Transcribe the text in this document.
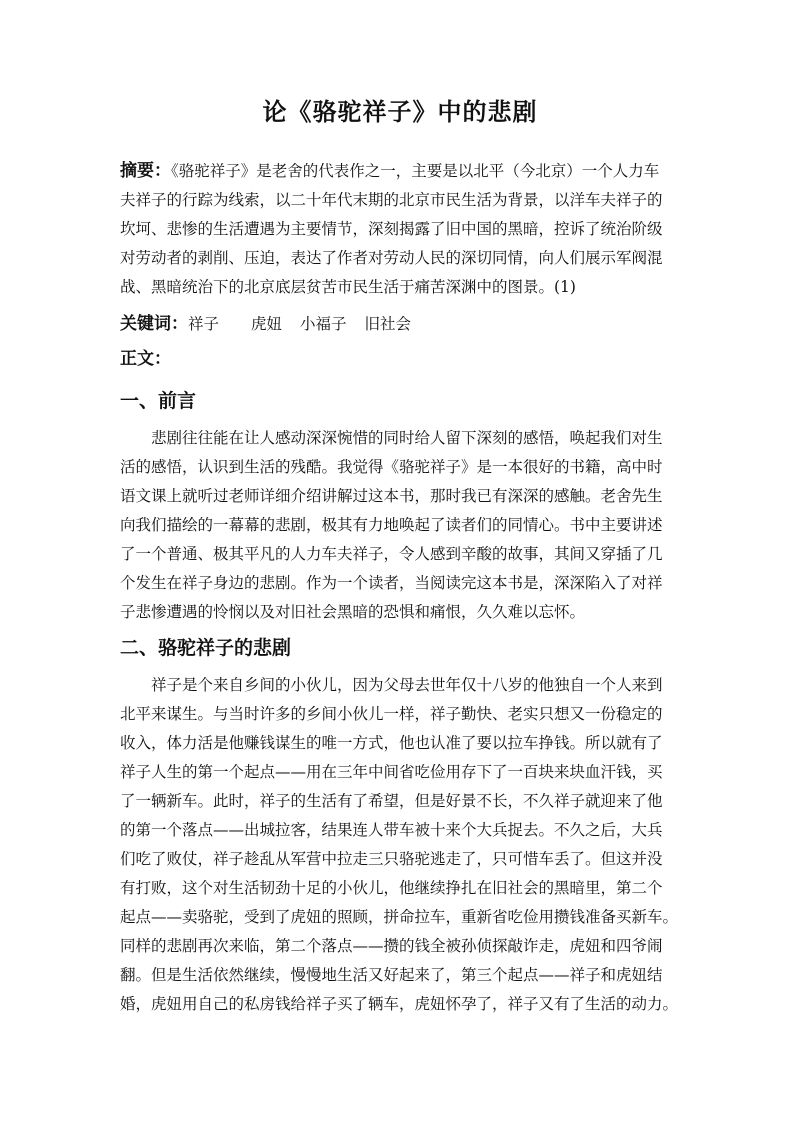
论《骆驼祥子》中的悲剧
摘要：《骆驼祥子》是老舍的代表作之一，主要是以北平（今北京）一个人力车
夫祥子的行踪为线索，以二十年代末期的北京市民生活为背景，以洋车夫祥子的
坎坷、悲惨的生活遭遇为主要情节，深刻揭露了旧中国的黑暗，控诉了统治阶级
对劳动者的剥削、压迫，表达了作者对劳动人民的深切同情，向人们展示军阀混
战、黑暗统治下的北京底层贫苦市民生活于痛苦深渊中的图景。(1)
关键词：祥子 虎妞 小福子 旧社会
正文：
一、前言
悲剧往往能在让人感动深深惋惜的同时给人留下深刻的感悟，唤起我们对生
活的感悟，认识到生活的残酷。我觉得《骆驼祥子》是一本很好的书籍，高中时
语文课上就听过老师详细介绍讲解过这本书，那时我已有深深的感触。老舍先生
向我们描绘的一幕幕的悲剧，极其有力地唤起了读者们的同情心。书中主要讲述
了一个普通、极其平凡的人力车夫祥子，令人感到辛酸的故事，其间又穿插了几
个发生在祥子身边的悲剧。作为一个读者，当阅读完这本书是，深深陷入了对祥
子悲惨遭遇的怜悯以及对旧社会黑暗的恐惧和痛恨，久久难以忘怀。
二、骆驼祥子的悲剧
祥子是个来自乡间的小伙儿，因为父母去世年仅十八岁的他独自一个人来到
北平来谋生。与当时许多的乡间小伙儿一样，祥子勤快、老实只想又一份稳定的
收入，体力活是他赚钱谋生的唯一方式，他也认准了要以拉车挣钱。所以就有了
祥子人生的第一个起点——用在三年中间省吃俭用存下了一百块来块血汗钱，买
了一辆新车。此时，祥子的生活有了希望，但是好景不长，不久祥子就迎来了他
的第一个落点——出城拉客，结果连人带车被十来个大兵捉去。不久之后，大兵
们吃了败仗，祥子趁乱从军营中拉走三只骆驼逃走了，只可惜车丢了。但这并没
有打败，这个对生活韧劲十足的小伙儿，他继续挣扎在旧社会的黑暗里，第二个
起点——卖骆驼，受到了虎妞的照顾，拼命拉车，重新省吃俭用攒钱准备买新车。
同样的悲剧再次来临，第二个落点——攒的钱全被孙侦探敲诈走，虎妞和四爷闹
翻。但是生活依然继续，慢慢地生活又好起来了，第三个起点——祥子和虎妞结
婚，虎妞用自己的私房钱给祥子买了辆车，虎妞怀孕了，祥子又有了生活的动力。
